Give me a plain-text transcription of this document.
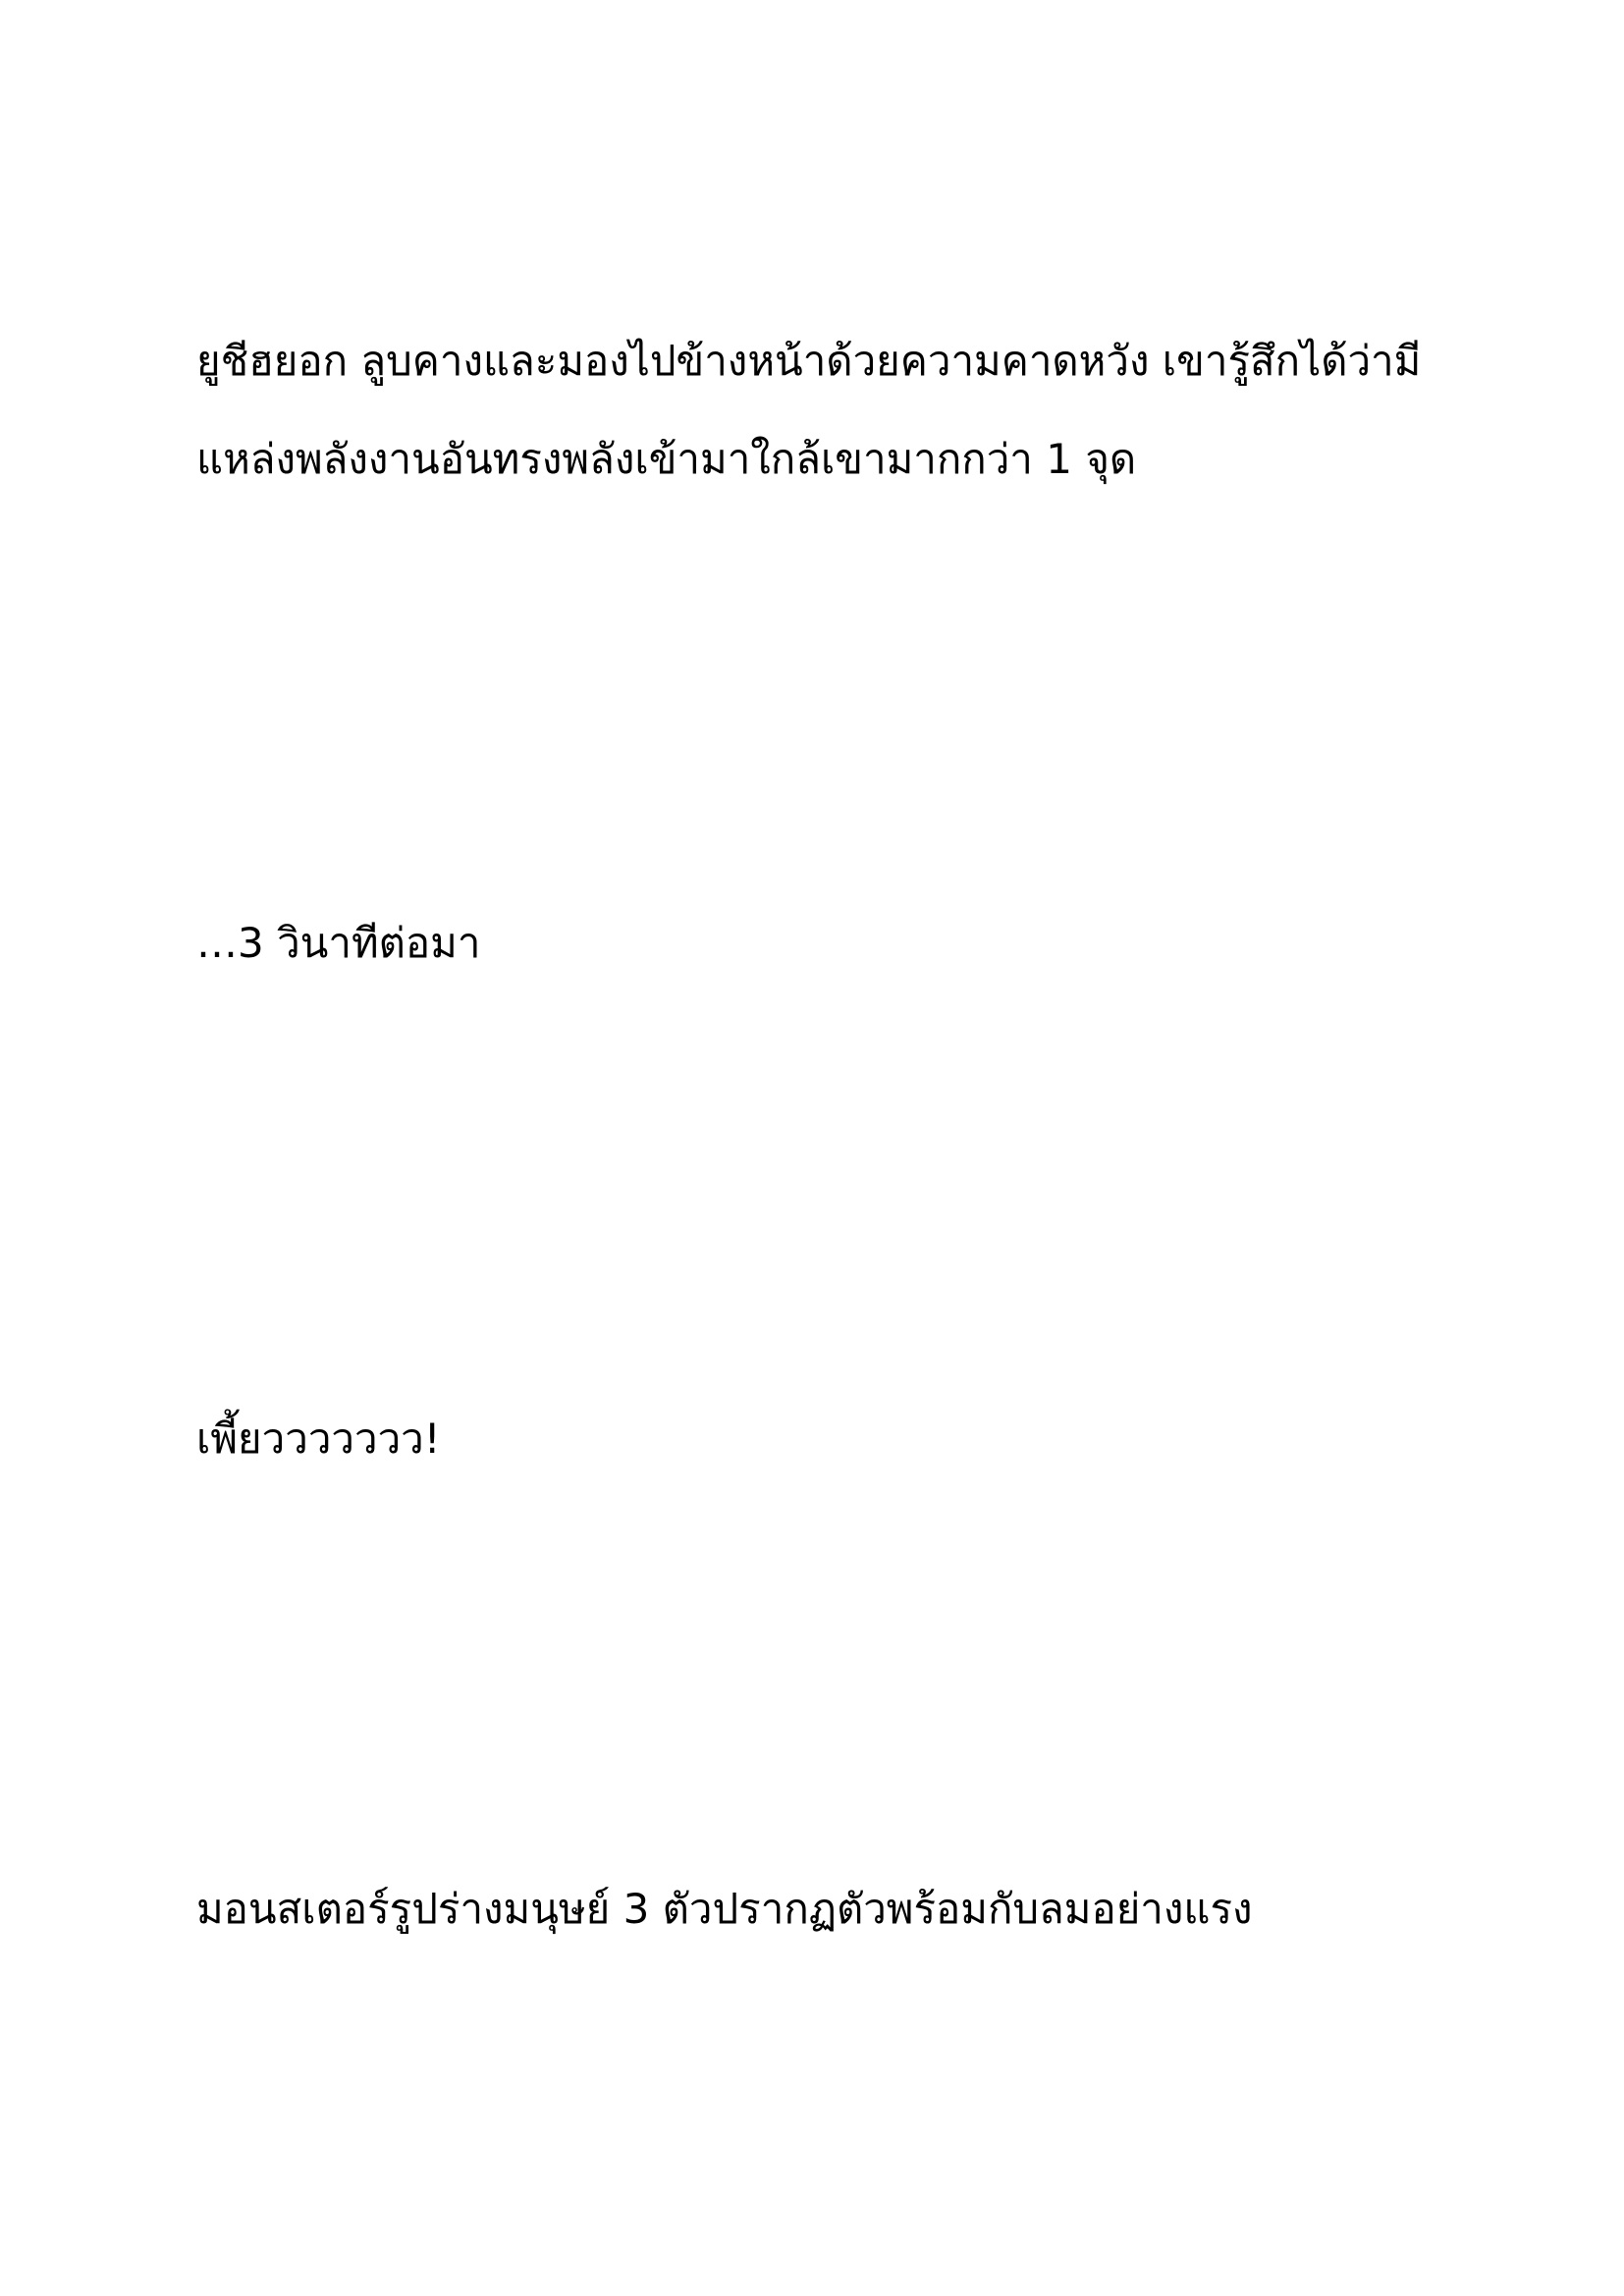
ยูชีฮยอก ลูบคางและมองไปข้างหน้าด้วยความคาดหวัง เขารู้สึกได้ว่ามี
แหล่งพลังงานอันทรงพลังเข้ามาใกล้เขามากกว่า 1 จุด

…3 วินาทีต่อมา

เพี้ยววววววว!

มอนสเตอร์รูปร่างมนุษย์ 3 ตัวปรากฏตัวพร้อมกับลมอย่างแรง
